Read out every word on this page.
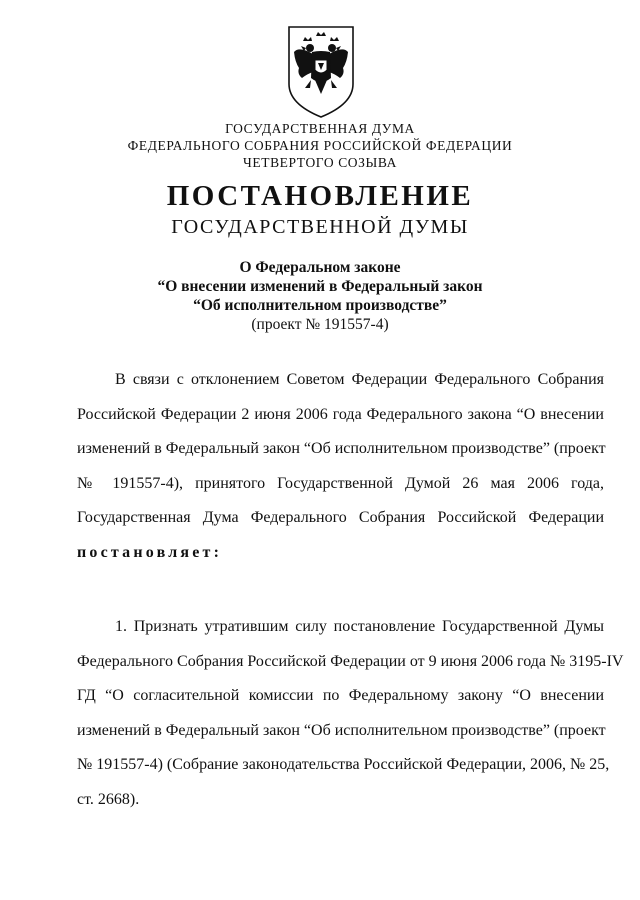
ГОСУДАРСТВЕННАЯ ДУМА
ФЕДЕРАЛЬНОГО СОБРАНИЯ РОССИЙСКОЙ ФЕДЕРАЦИИ
ЧЕТВЕРТОГО СОЗЫВА
ПОСТАНОВЛЕНИЕ
ГОСУДАРСТВЕННОЙ ДУМЫ
О Федеральном законе
“О внесении изменений в Федеральный закон
“Об исполнительном производстве”
(проект № 191557-4)
В связи с отклонением Советом Федерации Федерального Собрания
Российской Федерации 2 июня 2006 года Федерального закона “О внесении
изменений в Федеральный закон “Об исполнительном производстве” (проект
№ 191557-4), принятого Государственной Думой 26 мая 2006 года,
Государственная Дума Федерального Собрания Российской Федерации
постановляет:
1. Признать утратившим силу постановление Государственной Думы
Федерального Собрания Российской Федерации от 9 июня 2006 года № 3195-IV
ГД “О согласительной комиссии по Федеральному закону “О внесении
изменений в Федеральный закон “Об исполнительном производстве” (проект
№ 191557-4) (Собрание законодательства Российской Федерации, 2006, № 25,
ст. 2668).
